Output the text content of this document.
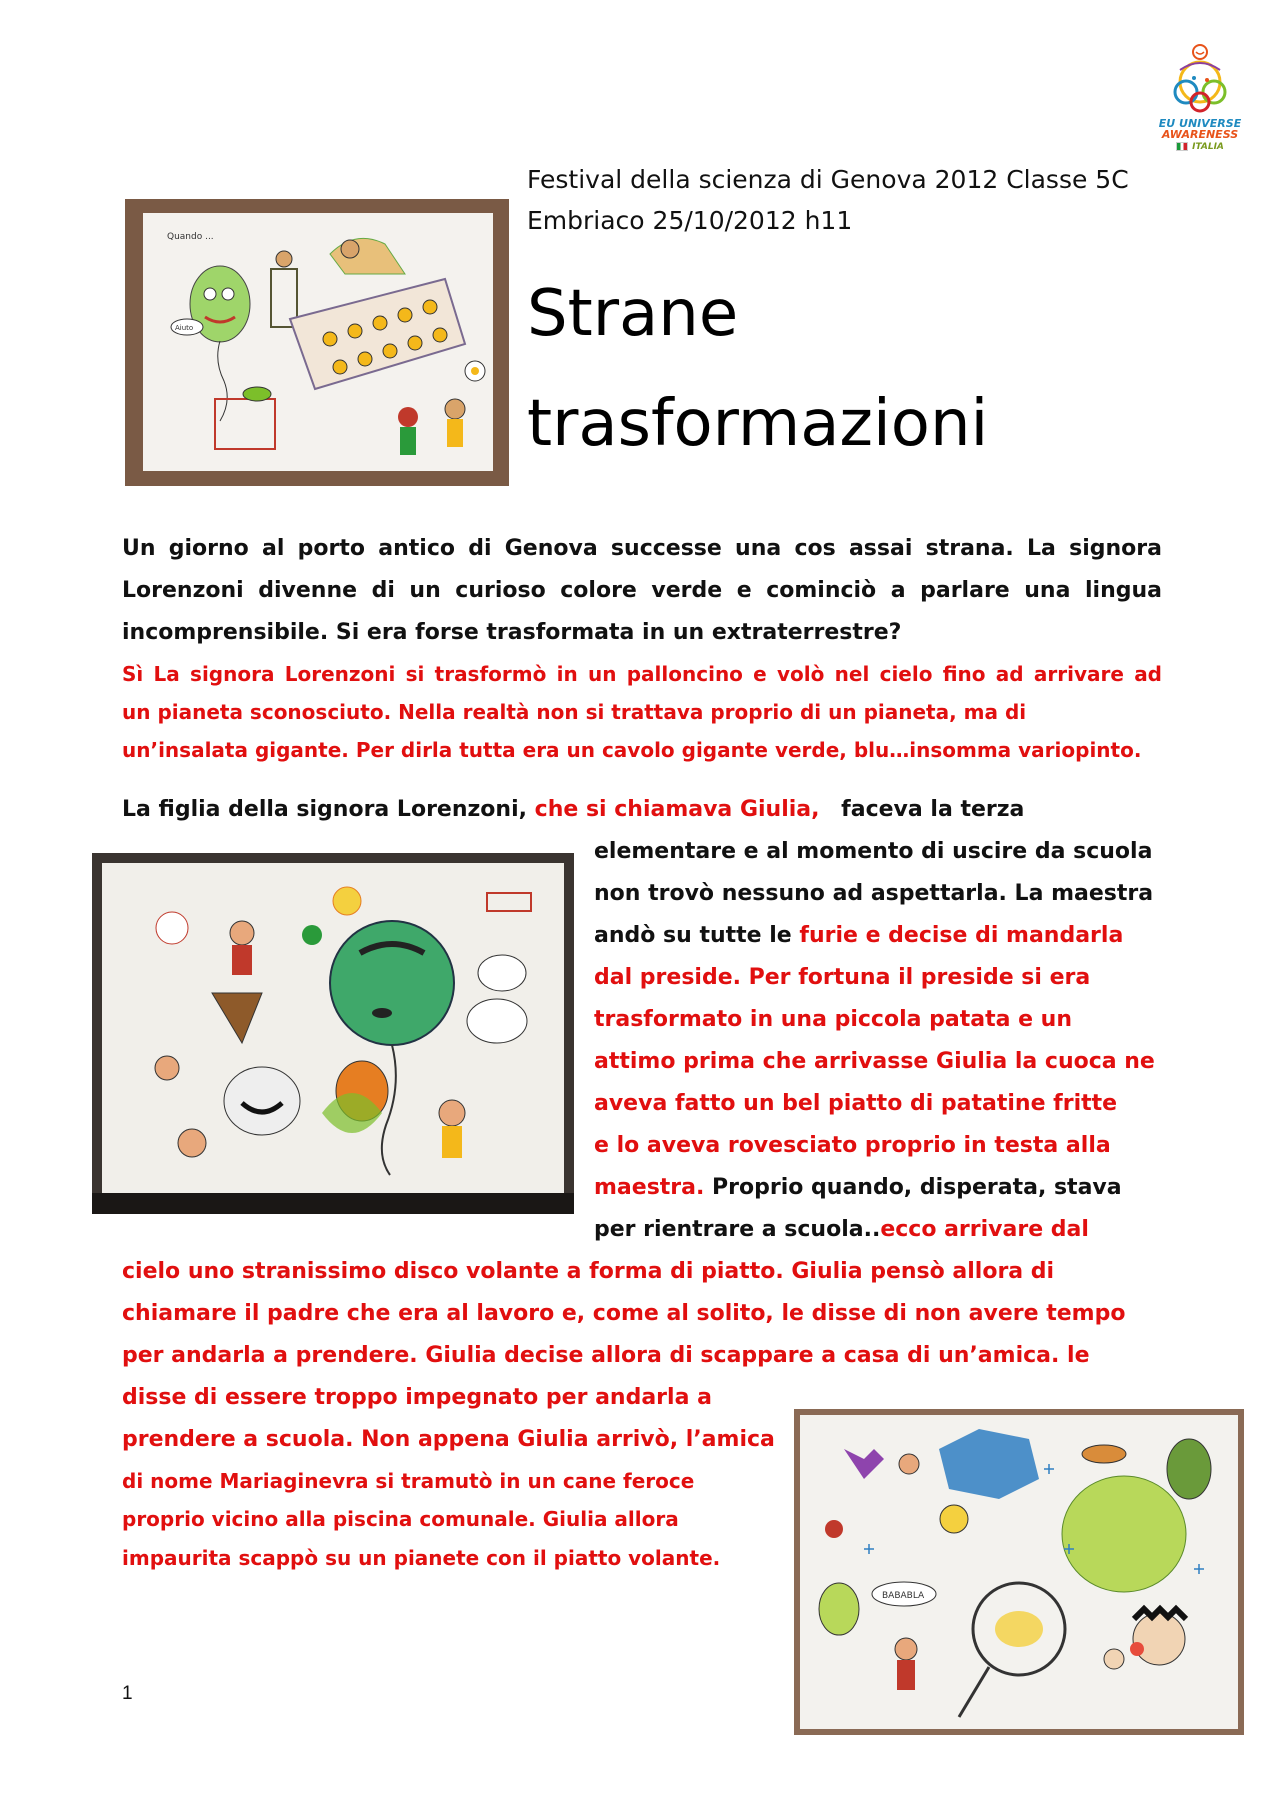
EU UNIVERSE
AWARENESS
ITALIA
Festival della scienza di Genova 2012 Classe 5C
Embriaco 25/10/2012 h11
Strane
trasformazioni
Quando ...
Aiuto
Un giorno al porto antico di Genova successe una cos assai strana. La signora
Lorenzoni divenne di un curioso colore verde e cominciò a parlare una lingua
incomprensibile. Si era forse trasformata in un extraterrestre?
Sì La signora Lorenzoni si trasformò in un palloncino e volò nel cielo fino ad arrivare ad
un pianeta sconosciuto. Nella realtà non si trattava proprio di un pianeta, ma di
un’insalata gigante. Per dirla tutta era un cavolo gigante verde, blu…insomma variopinto.
La figlia della signora Lorenzoni, che si chiamava Giulia, faceva la terza
elementare e al momento di uscire da scuola
non trovò nessuno ad aspettarla. La maestra
andò su tutte le furie e decise di mandarla
dal preside. Per fortuna il preside si era
trasformato in una piccola patata e un
attimo prima che arrivasse Giulia la cuoca ne
aveva fatto un bel piatto di patatine fritte
e lo aveva rovesciato proprio in testa alla
maestra. Proprio quando, disperata, stava
per rientrare a scuola..ecco arrivare dal
cielo uno stranissimo disco volante a forma di piatto. Giulia pensò allora di
chiamare il padre che era al lavoro e, come al solito, le disse di non avere tempo
per andarla a prendere. Giulia decise allora di scappare a casa di un’amica. le
disse di essere troppo impegnato per andarla a
prendere a scuola. Non appena Giulia arrivò, l’amica
di nome Mariaginevra si tramutò in un cane feroce
proprio vicino alla piscina comunale. Giulia allora
impaurita scappò su un pianete con il piatto volante.
BABABLA
1
